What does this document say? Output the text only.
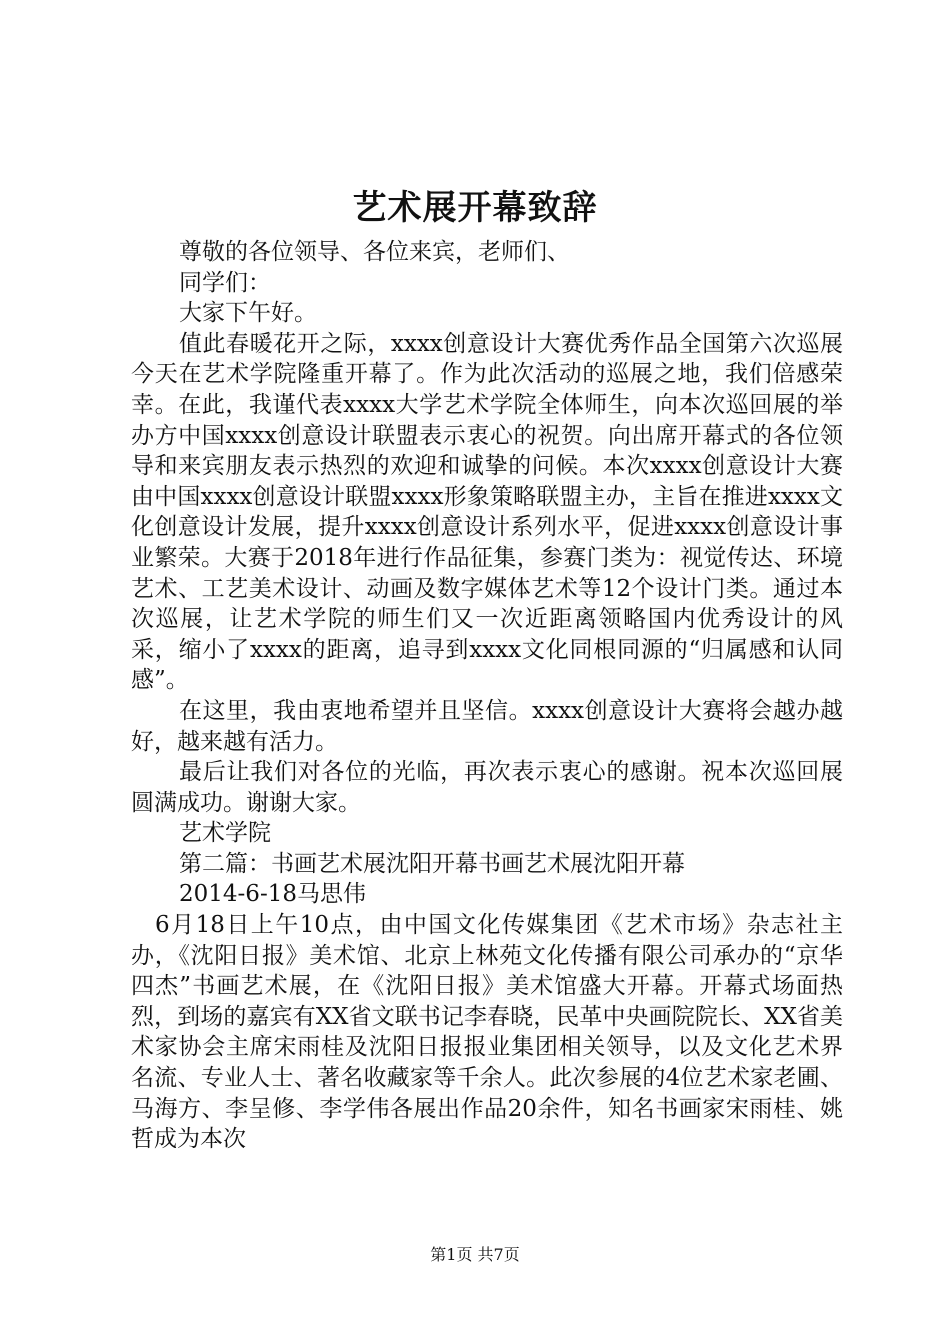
艺术展开幕致辞

尊敬的各位领导、各位来宾，老师们、

同学们：

大家下午好。

值此春暖花开之际，xxxx创意设计大赛优秀作品全国第六次巡展今天在艺术学院隆重开幕了。作为此次活动的巡展之地，我们倍感荣幸。在此，我谨代表xxxx大学艺术学院全体师生，向本次巡回展的举办方中国xxxx创意设计联盟表示衷心的祝贺。向出席开幕式的各位领导和来宾朋友表示热烈的欢迎和诚挚的问候。本次xxxx创意设计大赛由中国xxxx创意设计联盟xxxx形象策略联盟主办，主旨在推进xxxx文化创意设计发展，提升xxxx创意设计系列水平，促进xxxx创意设计事业繁荣。大赛于2018年进行作品征集，参赛门类为：视觉传达、环境艺术、工艺美术设计、动画及数字媒体艺术等12个设计门类。通过本次巡展，让艺术学院的师生们又一次近距离领略国内优秀设计的风采，缩小了xxxx的距离，追寻到xxxx文化同根同源的“归属感和认同感”。

在这里，我由衷地希望并且坚信。xxxx创意设计大赛将会越办越好，越来越有活力。

最后让我们对各位的光临，再次表示衷心的感谢。祝本次巡回展圆满成功。谢谢大家。

艺术学院

第二篇：书画艺术展沈阳开幕书画艺术展沈阳开幕

2014-6-18马思伟

6月18日上午10点，由中国文化传媒集团《艺术市场》杂志社主办，《沈阳日报》美术馆、北京上林苑文化传播有限公司承办的“京华四杰”书画艺术展，在《沈阳日报》美术馆盛大开幕。开幕式场面热烈，到场的嘉宾有XX省文联书记李春晓，民革中央画院院长、XX省美术家协会主席宋雨桂及沈阳日报报业集团相关领导，以及文化艺术界名流、专业人士、著名收藏家等千余人。此次参展的4位艺术家老圃、马海方、李呈修、李学伟各展出作品20余件，知名书画家宋雨桂、姚哲成为本次

第1页 共7页
